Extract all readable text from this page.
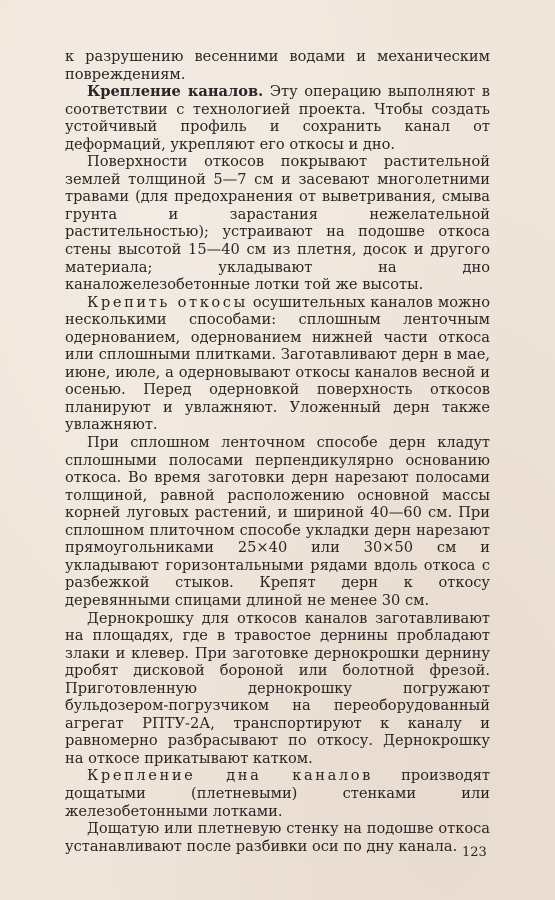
к разрушению весенними водами и механическим повреждениям.

Крепление каналов. Эту операцию выполняют в соответствии с технологией проекта. Чтобы создать устойчивый профиль и сохранить канал от деформаций, укрепляют его откосы и дно.

Поверхности откосов покрывают растительной землей толщиной 5—7 см и засевают многолетними травами (для предохранения от выветривания, смыва грунта и зарастания нежелательной растительностью); устраивают на подошве откоса стены высотой 15—40 см из плетня, досок и другого материала; укладывают на дно каналожелезобетонные лотки той же высоты.

Крепить откосы осушительных каналов можно несколькими способами: сплошным ленточным одернованием, одернованием нижней части откоса или сплошными плитками. Заготавливают дерн в мае, июне, июле, а одерновывают откосы каналов весной и осенью. Перед одерновкой поверхность откосов планируют и увлажняют. Уложенный дерн также увлажняют.

При сплошном ленточном способе дерн кладут сплошными полосами перпендикулярно основанию откоса. Во время заготовки дерн нарезают полосами толщиной, равной расположению основной массы корней луговых растений, и шириной 40—60 см. При сплошном плиточном способе укладки дерн нарезают прямоугольниками 25×40 или 30×50 см и укладывают горизонтальными рядами вдоль откоса с разбежкой стыков. Крепят дерн к откосу деревянными спицами длиной не менее 30 см.

Дернокрошку для откосов каналов заготавливают на площадях, где в травостое дернины пробладают злаки и клевер. При заготовке дернокрошки дернину дробят дисковой бороной или болотной фрезой. Приготовленную дернокрошку погружают бульдозером-погрузчиком на переоборудованный агрегат РПТУ-2А, транспортируют к каналу и равномерно разбрасывают по откосу. Дернокрошку на откосе прикатывают катком.

Крепление дна каналов производят дощатыми (плетневыми) стенками или железобетонными лотками.

Дощатую или плетневую стенку на подошве откоса устанавливают после разбивки оси по дну канала. 123
